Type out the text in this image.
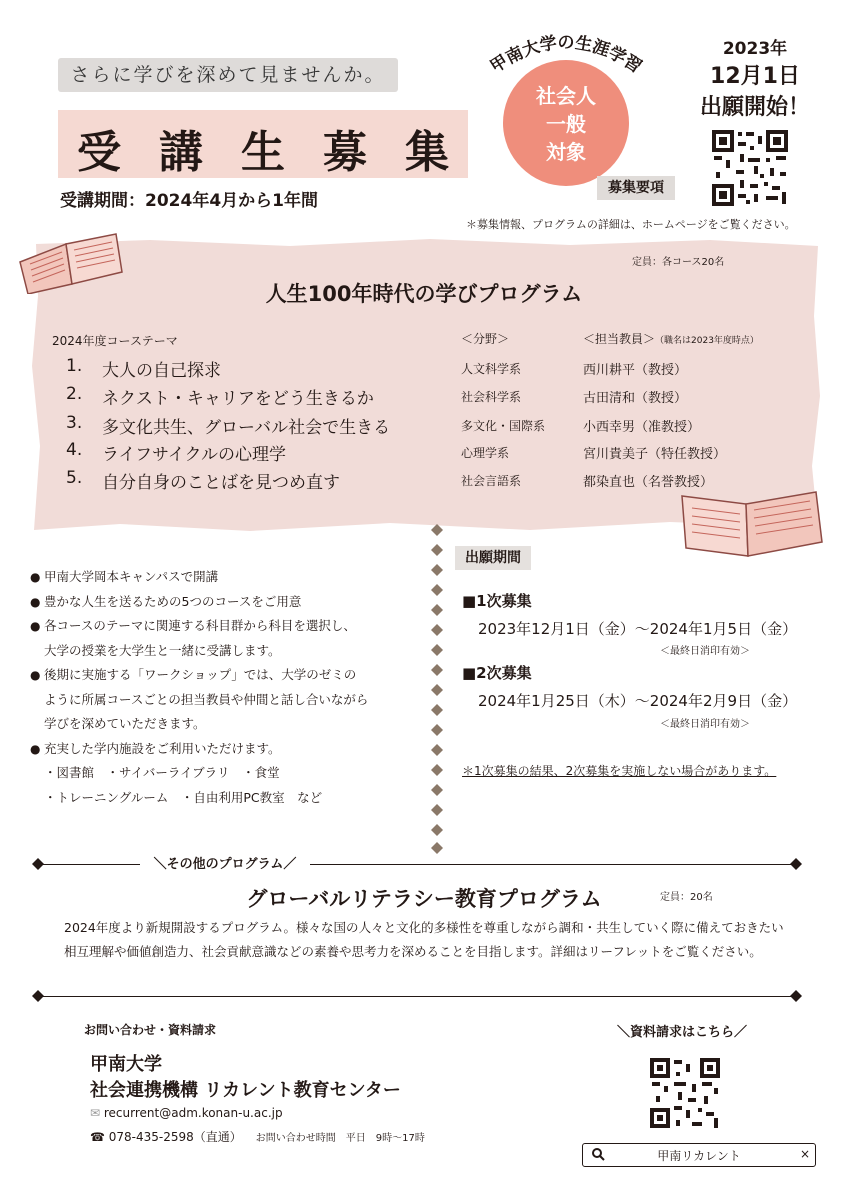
さらに学びを深めて見ませんか。
受 講 生 募 集
受講期間：2024年4月から1年間
甲南大学の生涯学習
社会人
一般
対象
2023年
12月1日
出願開始！
募集要項
＊募集情報、プログラムの詳細は、ホームページをご覧ください。
定員：各コース20名
人生100年時代の学びプログラム
2024年度コーステーマ	＜分野＞	＜担当教員＞（職名は2023年度時点）
1. 大人の自己探求	人文科学系	西川耕平（教授）
2. ネクスト・キャリアをどう生きるか	社会科学系	古田清和（教授）
3. 多文化共生、グローバル社会で生きる	多文化・国際系	小西幸男（准教授）
4. ライフサイクルの心理学	心理学系	宮川貴美子（特任教授）
5. 自分自身のことばを見つめ直す	社会言語系	都染直也（名誉教授）
● 甲南大学岡本キャンパスで開講
● 豊かな人生を送るための5つのコースをご用意
● 各コースのテーマに関連する科目群から科目を選択し、
大学の授業を大学生と一緒に受講します。
● 後期に実施する「ワークショップ」では、大学のゼミの
ように所属コースごとの担当教員や仲間と話し合いながら
学びを深めていただきます。
● 充実した学内施設をご利用いただけます。
・図書館　・サイバーライブラリ　・食堂
・トレーニングルーム　・自由利用PC教室　など
出願期間
■1次募集
2023年12月1日（金）～2024年1月5日（金）
＜最終日消印有効＞
■2次募集
2024年1月25日（木）～2024年2月9日（金）
＜最終日消印有効＞
＊1次募集の結果、2次募集を実施しない場合があります。
＼その他のプログラム／
グローバルリテラシー教育プログラム	定員：20名
2024年度より新規開設するプログラム。様々な国の人々と文化的多様性を尊重しながら調和・共生していく際に備えておきたい相互理解や価値創造力、社会貢献意識などの素養や思考力を深めることを目指します。詳細はリーフレットをご覧ください。
お問い合わせ・資料請求
甲南大学
社会連携機構 リカレント教育センター
✉ recurrent@adm.konan-u.ac.jp
☎ 078-435-2598（直通） お問い合わせ時間　平日　9時～17時
＼資料請求はこちら／
甲南リカレント	×
